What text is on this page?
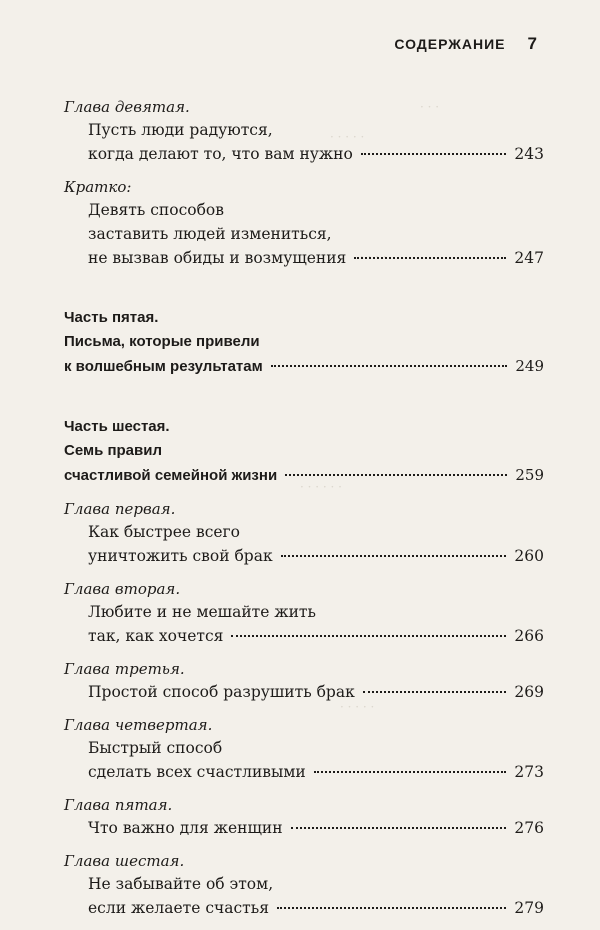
· · ·
· · · · ·
· · · ·
· · · · · ·
· · · · ·
СОДЕРЖАНИЕ 7

Глава девятая.

Пусть люди радуются,
когда делают то, что вам нужно	243

Кратко:

Девять способов
заставить людей измениться,
не вызвав обиды и возмущения	247

Часть пятая.

Письма, которые привели
к волшебным результатам	249

Часть шестая.

Семь правил
счастливой семейной жизни	259

Глава первая.

Как быстрее всего
уничтожить свой брак	260

Глава вторая.

Любите и не мешайте жить
так, как хочется	266

Глава третья.

Простой способ разрушить брак	269

Глава четвертая.

Быстрый способ
сделать всех счастливыми	273

Глава пятая.

Что важно для женщин	276

Глава шестая.

Не забывайте об этом,
если желаете счастья	279
